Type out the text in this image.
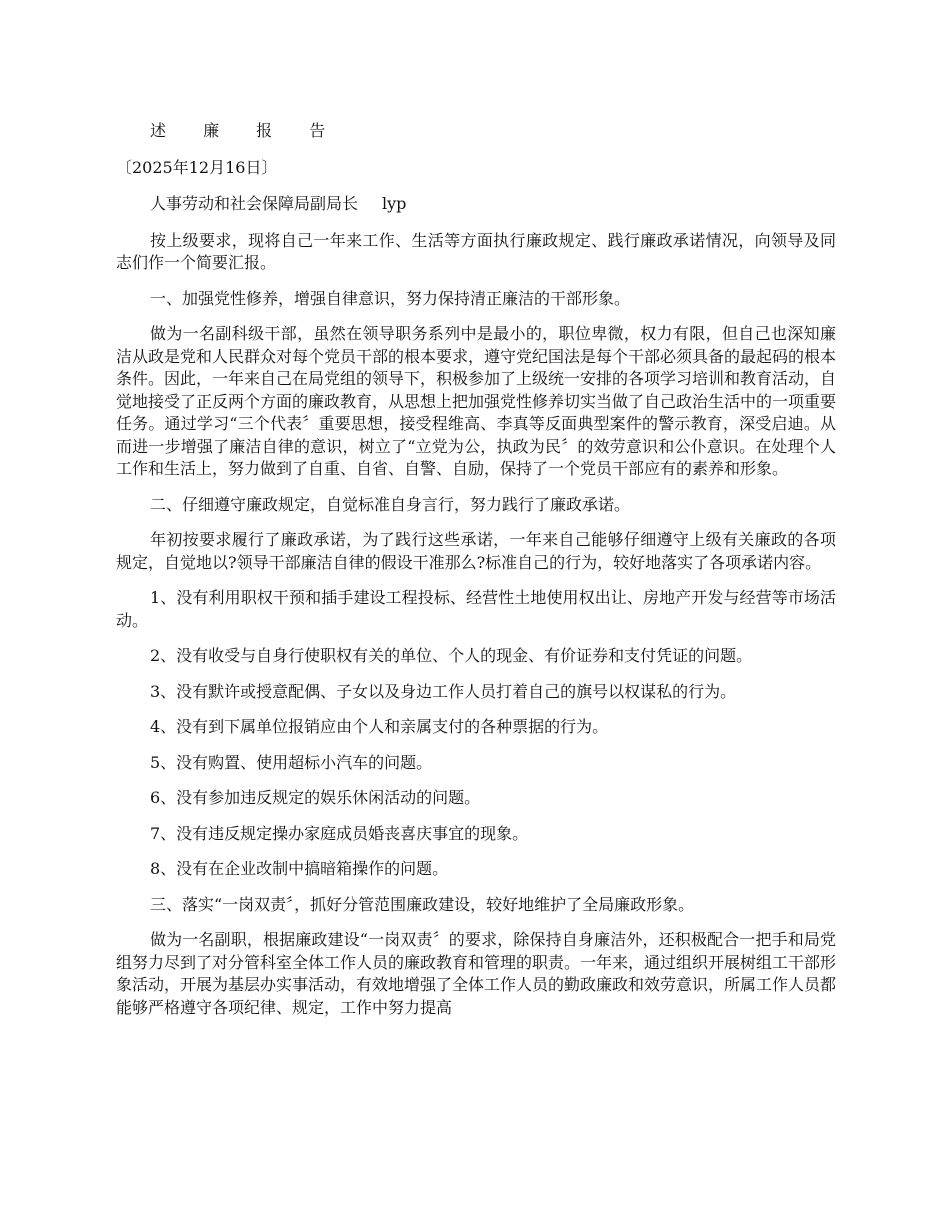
述 廉 报 告

〔2025年12月16日〕

人事劳动和社会保障局副局长 lyp

按上级要求，现将自己一年来工作、生活等方面执行廉政规定、践行廉政承诺情况，向领导及同志们作一个简要汇报。

一、加强党性修养，增强自律意识，努力保持清正廉洁的干部形象。

做为一名副科级干部，虽然在领导职务系列中是最小的，职位卑微，权力有限，但自己也深知廉洁从政是党和人民群众对每个党员干部的根本要求，遵守党纪国法是每个干部必须具备的最起码的根本条件。因此，一年来自己在局党组的领导下，积极参加了上级统一安排的各项学习培训和教育活动，自觉地接受了正反两个方面的廉政教育，从思想上把加强党性修养切实当做了自己政治生活中的一项重要任务。通过学习“三个代表〞重要思想，接受程维高、李真等反面典型案件的警示教育，深受启迪。从而进一步增强了廉洁自律的意识，树立了“立党为公，执政为民〞的效劳意识和公仆意识。在处理个人工作和生活上，努力做到了自重、自省、自警、自励，保持了一个党员干部应有的素养和形象。

二、仔细遵守廉政规定，自觉标准自身言行，努力践行了廉政承诺。

年初按要求履行了廉政承诺，为了践行这些承诺，一年来自己能够仔细遵守上级有关廉政的各项规定，自觉地以?领导干部廉洁自律的假设干准那么?标准自己的行为，较好地落实了各项承诺内容。

1、没有利用职权干预和插手建设工程投标、经营性土地使用权出让、房地产开发与经营等市场活动。

2、没有收受与自身行使职权有关的单位、个人的现金、有价证券和支付凭证的问题。

3、没有默许或授意配偶、子女以及身边工作人员打着自己的旗号以权谋私的行为。

4、没有到下属单位报销应由个人和亲属支付的各种票据的行为。

5、没有购置、使用超标小汽车的问题。

6、没有参加违反规定的娱乐休闲活动的问题。

7、没有违反规定操办家庭成员婚丧喜庆事宜的现象。

8、没有在企业改制中搞暗箱操作的问题。

三、落实“一岗双责〞，抓好分管范围廉政建设，较好地维护了全局廉政形象。

做为一名副职，根据廉政建设“一岗双责〞的要求，除保持自身廉洁外，还积极配合一把手和局党组努力尽到了对分管科室全体工作人员的廉政教育和管理的职责。一年来，通过组织开展树组工干部形象活动，开展为基层办实事活动，有效地增强了全体工作人员的勤政廉政和效劳意识，所属工作人员都能够严格遵守各项纪律、规定，工作中努力提高
